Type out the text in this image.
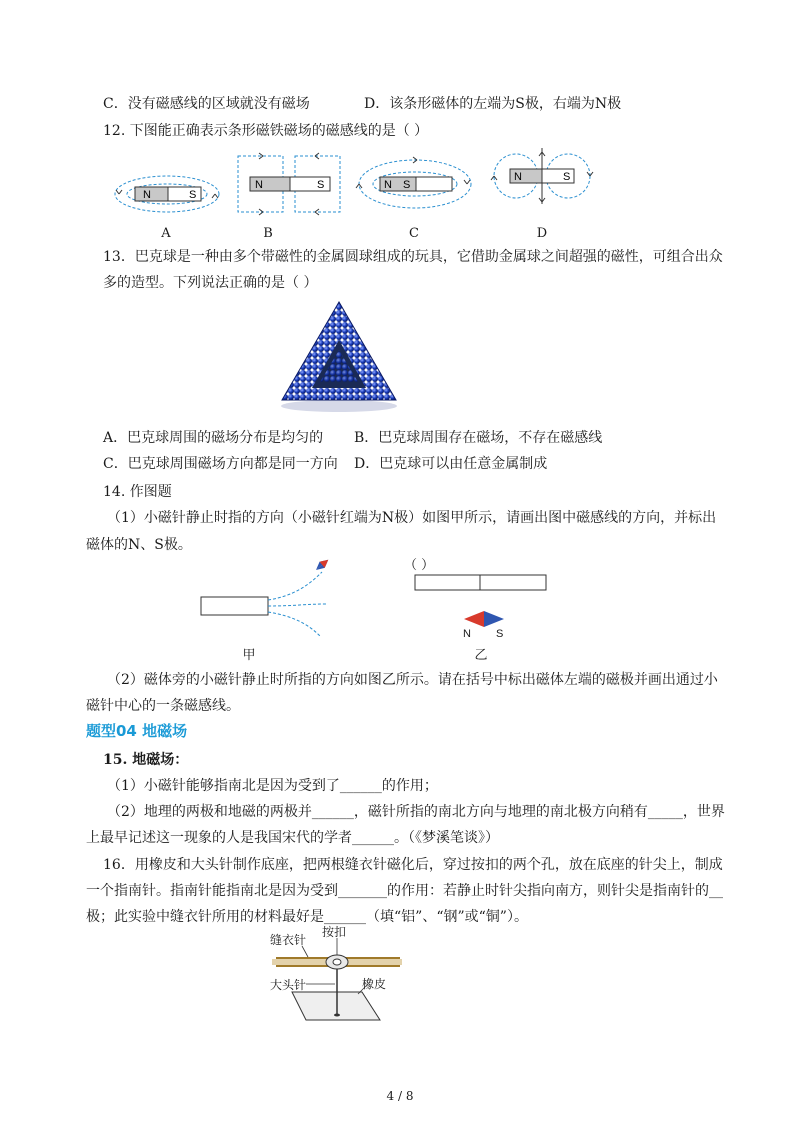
C．没有磁感线的区域就没有磁场	D．该条形磁体的左端为S极，右端为N极
12. 下图能正确表示条形磁铁磁场的磁感线的是（ ）
N	S
N	S	N S
N	S
A	B	C	D
13．巴克球是一种由多个带磁性的金属圆球组成的玩具，它借助金属球之间超强的磁性，可组合出众
多的造型。下列说法正确的是（ ）
A．巴克球周围的磁场分布是均匀的 B．巴克球周围存在磁场，不存在磁感线
C．巴克球周围磁场方向都是同一方向 D．巴克球可以由任意金属制成
14. 作图题
（1）小磁针静止时指的方向（小磁针红端为N极）如图甲所示，请画出图中磁感线的方向，并标出
磁体的N、S极。
甲
（ ）
N S
乙
（2）磁体旁的小磁针静止时所指的方向如图乙所示。请在括号中标出磁体左端的磁极并画出通过小
磁针中心的一条磁感线。
题型04 地磁场
15. 地磁场：
（1）小磁针能够指南北是因为受到了______的作用；
（2）地理的两极和地磁的两极并______，磁针所指的南北方向与地理的南北极方向稍有_____，世界
上最早记述这一现象的人是我国宋代的学者______。（《梦溪笔谈》）
16．用橡皮和大头针制作底座，把两根缝衣针磁化后，穿过按扣的两个孔，放在底座的针尖上，制成
一个指南针。指南针能指南北是因为受到_______的作用：若静止时针尖指向南方，则针尖是指南针的__
极；此实验中缝衣针所用的材料最好是______（填“铝”、“钢”或“铜”）。
缝衣针
按扣
大头针	橡皮
4 / 8
